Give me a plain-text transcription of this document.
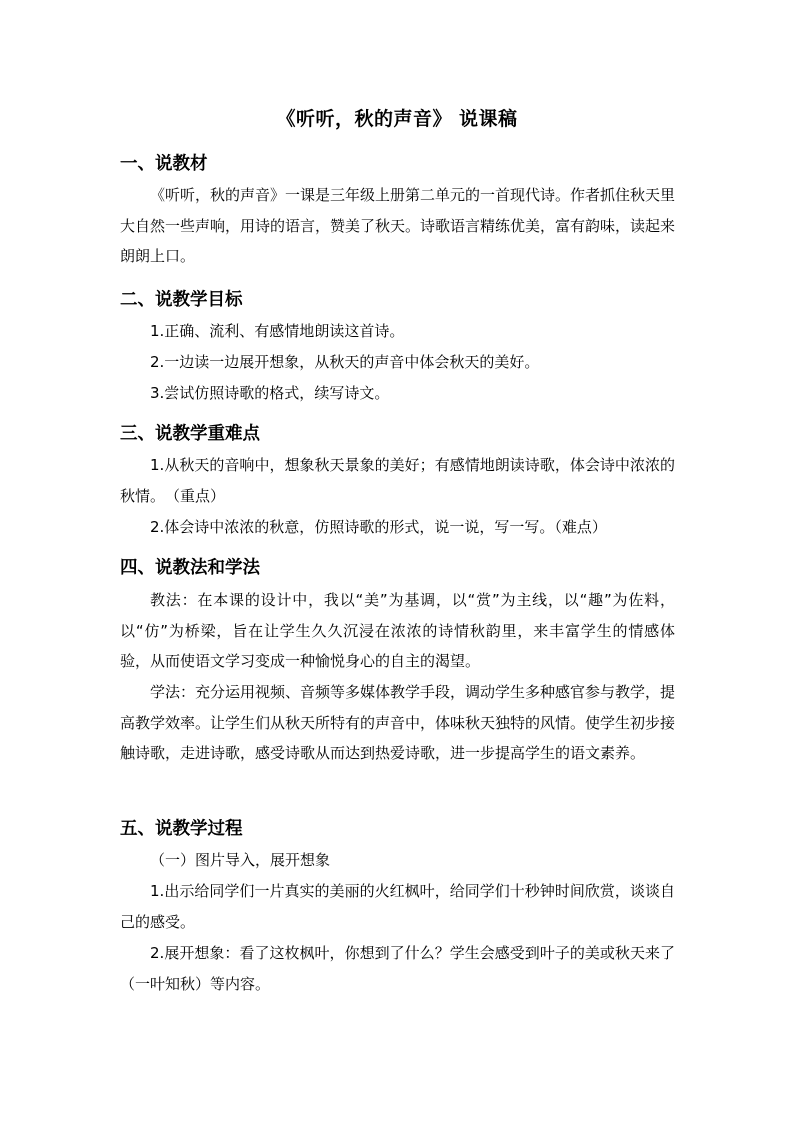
《听听，秋的声音》 说课稿
一、说教材
《听听，秋的声音》一课是三年级上册第二单元的一首现代诗。作者抓住秋天里大自然一些声响，用诗的语言，赞美了秋天。诗歌语言精练优美，富有韵味，读起来朗朗上口。
二、说教学目标
1.正确、流利、有感情地朗读这首诗。
2.一边读一边展开想象，从秋天的声音中体会秋天的美好。
3.尝试仿照诗歌的格式，续写诗文。
三、说教学重难点
1.从秋天的音响中，想象秋天景象的美好；有感情地朗读诗歌，体会诗中浓浓的秋情。　（重点）
2.体会诗中浓浓的秋意，仿照诗歌的形式，说一说，写一写。（难点）
四、说教法和学法
教法：在本课的设计中，我以“美”为基调，以“赏”为主线，以“趣”为佐料，以“仿”为桥梁，旨在让学生久久沉浸在浓浓的诗情秋韵里，来丰富学生的情感体验，从而使语文学习变成一种愉悦身心的自主的渴望。
学法：充分运用视频、音频等多媒体教学手段，调动学生多种感官参与教学，提高教学效率。让学生们从秋天所特有的声音中，体味秋天独特的风情。使学生初步接触诗歌，走进诗歌，感受诗歌从而达到热爱诗歌，进一步提高学生的语文素养。
五、说教学过程
（一）图片导入，展开想象
1.出示给同学们一片真实的美丽的火红枫叶，给同学们十秒钟时间欣赏，谈谈自己的感受。
2.展开想象：看了这枚枫叶，你想到了什么？学生会感受到叶子的美或秋天来了（一叶知秋）等内容。
